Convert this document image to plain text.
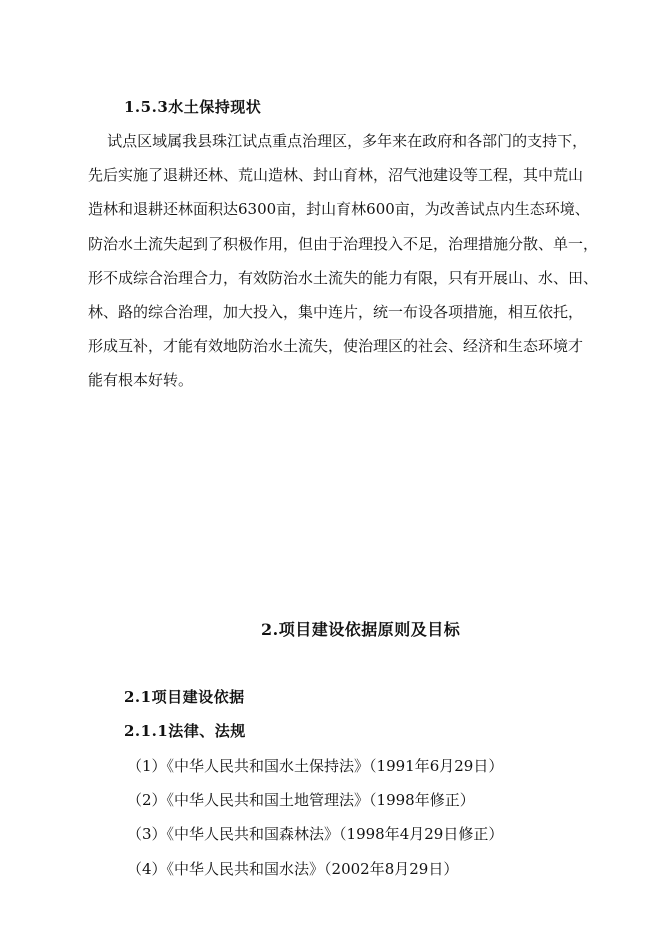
1.5.3水土保持现状
试点区域属我县珠江试点重点治理区，多年来在政府和各部门的支持下，
先后实施了退耕还林、荒山造林、封山育林，沼气池建设等工程，其中荒山
造林和退耕还林面积达6300亩，封山育林600亩，为改善试点内生态环境、
防治水土流失起到了积极作用，但由于治理投入不足，治理措施分散、单一，
形不成综合治理合力，有效防治水土流失的能力有限，只有开展山、水、田、
林、路的综合治理，加大投入，集中连片，统一布设各项措施，相互依托，
形成互补，才能有效地防治水土流失，使治理区的社会、经济和生态环境才
能有根本好转。
2.项目建设依据原则及目标
2.1项目建设依据
2.1.1法律、法规
（1）《中华人民共和国水土保持法》（1991年6月29日）
（2）《中华人民共和国土地管理法》（1998年修正）
（3）《中华人民共和国森林法》（1998年4月29日修正）
（4）《中华人民共和国水法》（2002年8月29日）
